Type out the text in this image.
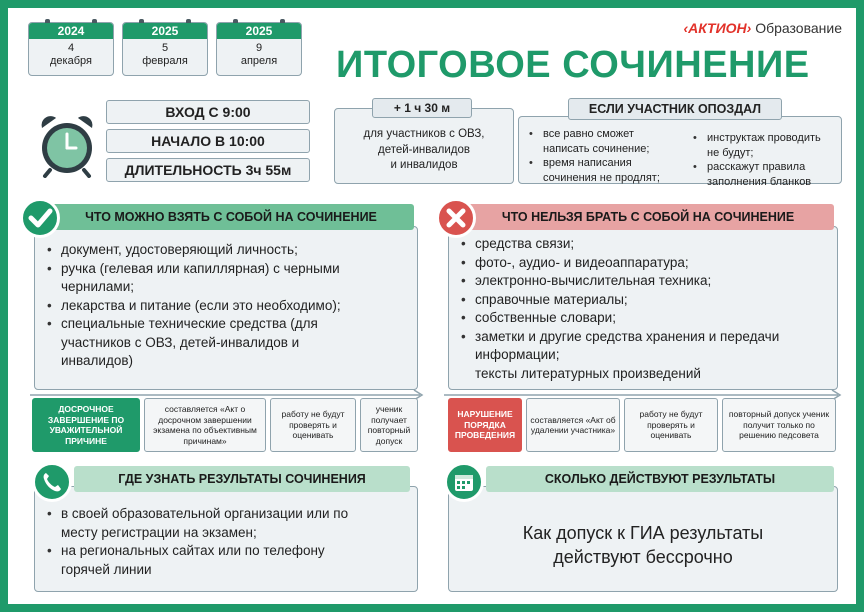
2024
4
декабря
2025
5
февраля
2025
9
апреля
‹АКТИОН› Образование
ИТОГОВОЕ СОЧИНЕНИЕ
ВХОД С 9:00
НАЧАЛО В 10:00
ДЛИТЕЛЬНОСТЬ 3ч 55м
для участников с ОВЗ,
детей-инвалидов
и инвалидов
+ 1 ч 30 м
• все равно сможет
написать сочинение;
• время написания
сочинения не продлят;
• инструктаж проводить
не будут;
• расскажут правила
заполнения бланков
ЕСЛИ УЧАСТНИК ОПОЗДАЛ
• документ, удостоверяющий личность;
• ручка (гелевая или капиллярная) с черными
чернилами;
• лекарства и питание (если это необходимо);
• специальные технические средства (для
участников с ОВЗ, детей-инвалидов и
инвалидов)
ЧТО МОЖНО ВЗЯТЬ С СОБОЙ НА СОЧИНЕНИЕ
• средства связи;
• фото-, аудио- и видеоаппаратура;
• электронно-вычислительная техника;
• справочные материалы;
• собственные словари;
• заметки и другие средства хранения и передачи
информации;
тексты литературных произведений
ЧТО НЕЛЬЗЯ БРАТЬ С СОБОЙ НА СОЧИНЕНИЕ
ДОСРОЧНОЕ ЗАВЕРШЕНИЕ ПО УВАЖИТЕЛЬНОЙ ПРИЧИНЕ
составляется «Акт о досрочном завершении экзамена по объективным причинам»
работу не будут проверять и оценивать
ученик получает повторный допуск
НАРУШЕНИЕ ПОРЯДКА ПРОВЕДЕНИЯ
составляется «Акт об удалении участника»
работу не будут проверять и оценивать
повторный допуск ученик получит только по решению педсовета
• в своей образовательной организации или по
месту регистрации на экзамен;
• на региональных сайтах или по телефону
горячей линии
ГДЕ УЗНАТЬ РЕЗУЛЬТАТЫ СОЧИНЕНИЯ
Как допуск к ГИА результаты
действуют бессрочно
СКОЛЬКО ДЕЙСТВУЮТ РЕЗУЛЬТАТЫ
